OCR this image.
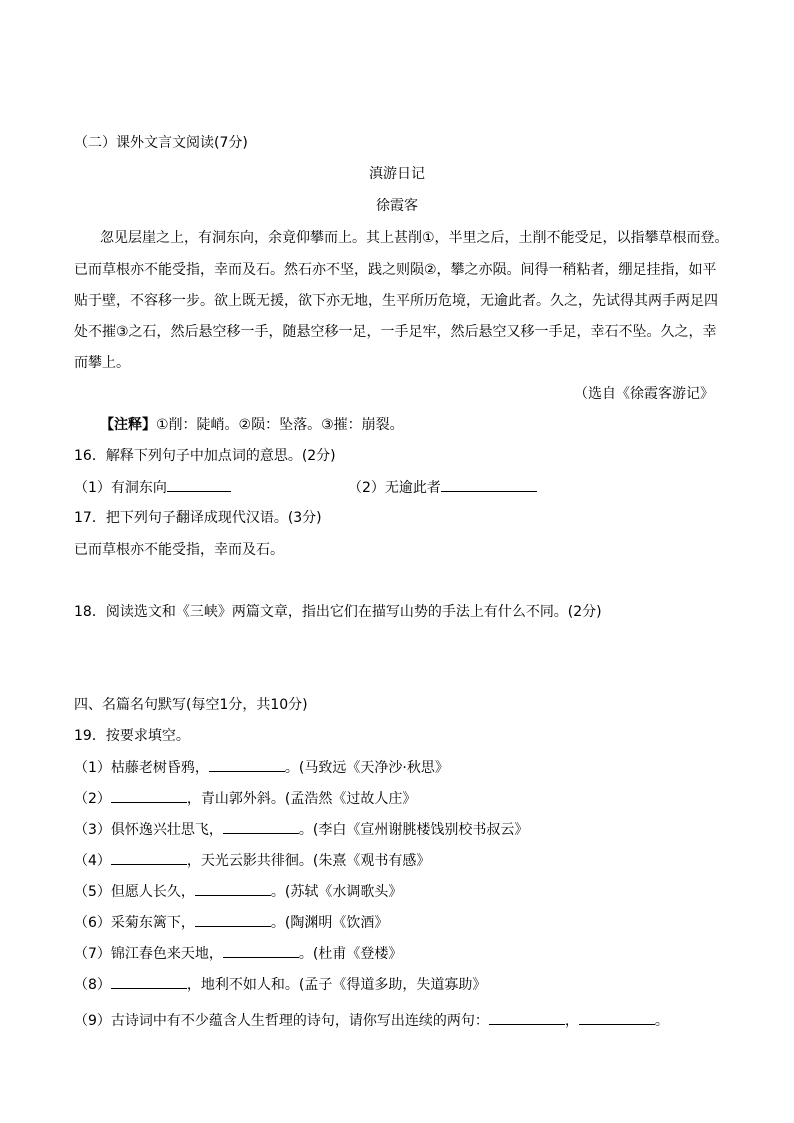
（二）课外文言文阅读(7分)
滇游日记
徐霞客
忽见层崖之上，有洞东向，余竟仰攀而上。其上甚削①，半里之后，土削不能受足，以指攀草根而登。
已而草根亦不能受指，幸而及石。然石亦不坚，践之则陨②，攀之亦陨。间得一稍粘者，绷足挂指，如平
贴于壁，不容移一步。欲上既无援，欲下亦无地，生平所历危境，无逾此者。久之，先试得其两手两足四
处不摧③之石，然后悬空移一手，随悬空移一足，一手足牢，然后悬空又移一手足，幸石不坠。久之，幸
而攀上。
（选自《徐霞客游记》
【注释】①削：陡峭。②陨：坠落。③摧：崩裂。
16．解释下列句子中加点词的意思。(2分)
（1）有洞东向	（2）无逾此者
17．把下列句子翻译成现代汉语。(3分)
已而草根亦不能受指，幸而及石。
18．阅读选文和《三峡》两篇文章，指出它们在描写山势的手法上有什么不同。(2分)
四、名篇名句默写(每空1分，共10分)
19．按要求填空。
（1）枯藤老树昏鸦，	。(马致远《天净沙·秋思》
（2）	，青山郭外斜。(孟浩然《过故人庄》
（3）俱怀逸兴壮思飞，	。(李白《宣州谢朓楼饯别校书叔云》
（4）	，天光云影共徘徊。(朱熹《观书有感》
（5）但愿人长久，	。(苏轼《水调歌头》
（6）采菊东篱下，	。(陶渊明《饮酒》
（7）锦江春色来天地，	。(杜甫《登楼》
（8）	，地利不如人和。(孟子《得道多助，失道寡助》
（9）古诗词中有不少蕴含人生哲理的诗句，请你写出连续的两句：	，	。
